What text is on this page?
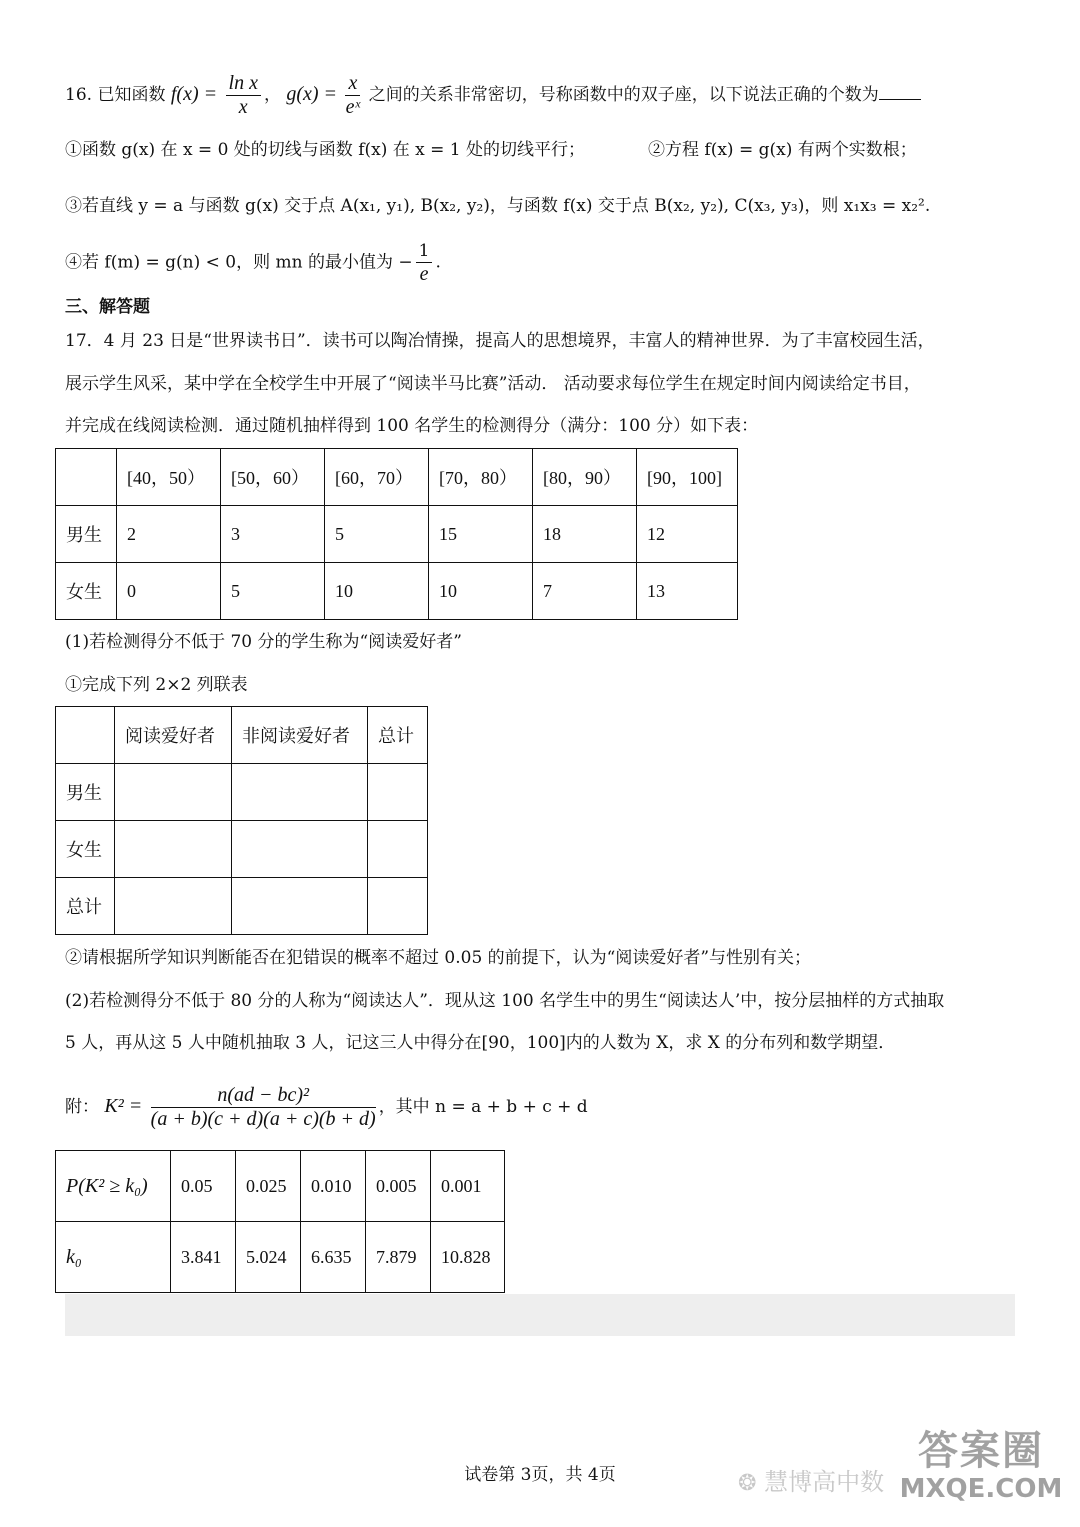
16. 已知函数 $f(x) = \frac{\text{ln x}}{x}$ ， $g(x) = \frac{x}{\text{eˣ}}$ 之间的关系非常密切，号称函数中的双子座，以下说法正确的个数为
①函数 g(x) 在 x = 0 处的切线与函数 f(x) 在 x = 1 处的切线平行；	②方程 f(x) = g(x) 有两个实数根；
③若直线 y = a 与函数 g(x) 交于点 A(x₁, y₁), B(x₂, y₂)，与函数 f(x) 交于点 B(x₂, y₂), C(x₃, y₃)，则 x₁x₃ = x₂².
④若 f(m) = g(n) < 0，则 mn 的最小值为 − $\frac{1}{e}$ .
三、解答题
17．4 月 23 日是“世界读书日”．读书可以陶冶情操，提高人的思想境界，丰富人的精神世界．为了丰富校园生活，
展示学生风采，某中学在全校学生中开展了“阅读半马比赛”活动． 活动要求每位学生在规定时间内阅读给定书目，
并完成在线阅读检测．通过随机抽样得到 100 名学生的检测得分（满分：100 分）如下表：
	[40，50）	[50，60）	[60，70）	[70，80）	[80，90）	[90，100]
男生	2	3	5	15	18	12
女生	0	5	10	10	7	13
(1)若检测得分不低于 70 分的学生称为“阅读爱好者”
①完成下列 2×2 列联表
	阅读爱好者	非阅读爱好者	总计
男生			
女生			
总计			
②请根据所学知识判断能否在犯错误的概率不超过 0.05 的前提下，认为“阅读爱好者”与性别有关；
(2)若检测得分不低于 80 分的人称为“阅读达人”．现从这 100 名学生中的男生“阅读达人’中，按分层抽样的方式抽取
5 人，再从这 5 人中随机抽取 3 人，记这三人中得分在[90，100]内的人数为 X，求 X 的分布列和数学期望．
附： $K^2 = \frac{\text{n(ad − bc)²}}{(a + b)(c + d)(a + c)(b + d)}$ ，其中 n = a + b + c + d
P(K² ≥ k₀)	0.05	0.025	0.010	0.005	0.001
k₀	3.841	5.024	6.635	7.879	10.828
试卷第 3页，共 4页	❂ 慧博高中数
答案圈
MXQE.COM
